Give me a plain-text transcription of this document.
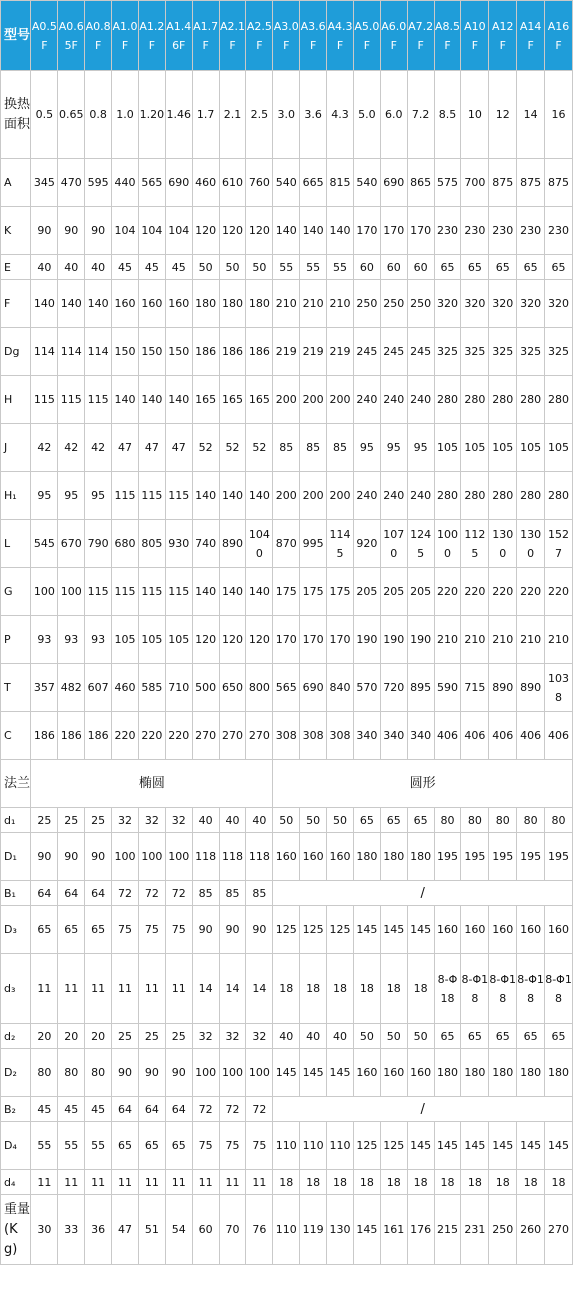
型号	A0.5F	A0.65F	A0.8F	A1.0F	A1.2F	A1.46F	A1.7F	A2.1F	A2.5F	A3.0F	A3.6F	A4.3F	A5.0F	A6.0F	A7.2F	A8.5F	A10F	A12F	A14F	A16F
换热面积	0.5	0.65	0.8	1.0	1.20	1.46	1.7	2.1	2.5	3.0	3.6	4.3	5.0	6.0	7.2	8.5	10	12	14	16
A	345	470	595	440	565	690	460	610	760	540	665	815	540	690	865	575	700	875	875	875
K	90	90	90	104	104	104	120	120	120	140	140	140	170	170	170	230	230	230	230	230
E	40	40	40	45	45	45	50	50	50	55	55	55	60	60	60	65	65	65	65	65
F	140	140	140	160	160	160	180	180	180	210	210	210	250	250	250	320	320	320	320	320
Dg	114	114	114	150	150	150	186	186	186	219	219	219	245	245	245	325	325	325	325	325
H	115	115	115	140	140	140	165	165	165	200	200	200	240	240	240	280	280	280	280	280
J	42	42	42	47	47	47	52	52	52	85	85	85	95	95	95	105	105	105	105	105
H₁	95	95	95	115	115	115	140	140	140	200	200	200	240	240	240	280	280	280	280	280
L	545	670	790	680	805	930	740	890	1040	870	995	1145	920	1070	1245	1000	1125	1300	1300	1527
G	100	100	115	115	115	115	140	140	140	175	175	175	205	205	205	220	220	220	220	220
P	93	93	93	105	105	105	120	120	120	170	170	170	190	190	190	210	210	210	210	210
T	357	482	607	460	585	710	500	650	800	565	690	840	570	720	895	590	715	890	890	1038
C	186	186	186	220	220	220	270	270	270	308	308	308	340	340	340	406	406	406	406	406
法兰	椭圆									圆形										
d₁	25	25	25	32	32	32	40	40	40	50	50	50	65	65	65	80	80	80	80	80
D₁	90	90	90	100	100	100	118	118	118	160	160	160	180	180	180	195	195	195	195	195
B₁	64	64	64	72	72	72	85	85	85	/										
D₃	65	65	65	75	75	75	90	90	90	125	125	125	145	145	145	160	160	160	160	160
d₃	11	11	11	11	11	11	14	14	14	18	18	18	18	18	18	8-Φ18	8-Φ18	8-Φ18	8-Φ18	8-Φ18
d₂	20	20	20	25	25	25	32	32	32	40	40	40	50	50	50	65	65	65	65	65
D₂	80	80	80	90	90	90	100	100	100	145	145	145	160	160	160	180	180	180	180	180
B₂	45	45	45	64	64	64	72	72	72	/										
D₄	55	55	55	65	65	65	75	75	75	110	110	110	125	125	145	145	145	145	145	145
d₄	11	11	11	11	11	11	11	11	11	18	18	18	18	18	18	18	18	18	18	18
重量(Kg)	30	33	36	47	51	54	60	70	76	110	119	130	145	161	176	215	231	250	260	270
